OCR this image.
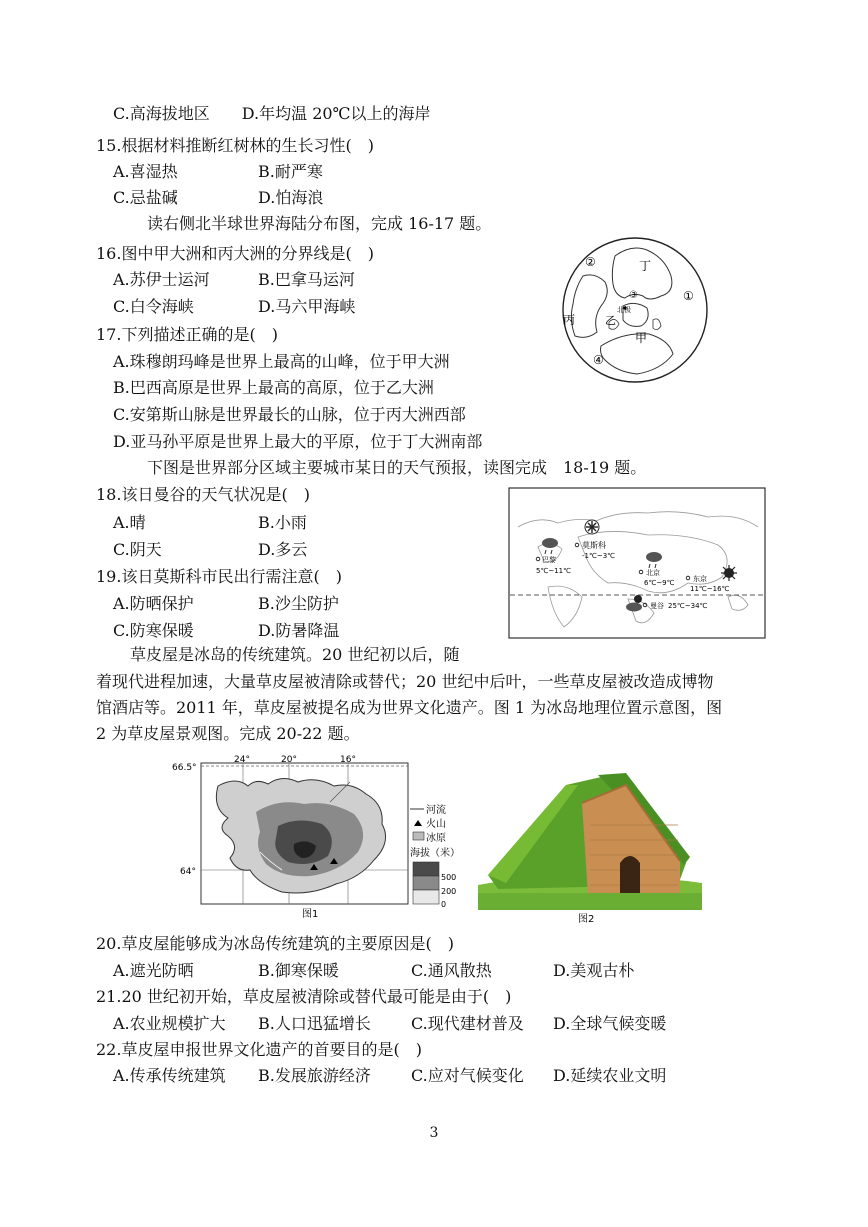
C.高海拔地区　　D.年均温 20℃以上的海岸
15.根据材料推断红树林的生长习性(　)
A.喜湿热	B.耐严寒
C.忌盐碱	D.怕海浪
读右侧北半球世界海陆分布图，完成 16-17 题。
16.图中甲大洲和丙大洲的分界线是(　)
A.苏伊士运河	B.巴拿马运河
C.白令海峡	D.马六甲海峡
17.下列描述正确的是(　)
A.珠穆朗玛峰是世界上最高的山峰，位于甲大洲
B.巴西高原是世界上最高的高原，位于乙大洲
C.安第斯山脉是世界最长的山脉，位于丙大洲西部
D.亚马孙平原是世界上最大的平原，位于丁大洲南部
下图是世界部分区域主要城市某日的天气预报，读图完成　18-19 题。
18.该日曼谷的天气状况是(　)
A.晴	B.小雨
C.阴天	D.多云
19.该日莫斯科市民出行需注意(　)
A.防晒保护	B.沙尘防护
C.防寒保暖	D.防暑降温
草皮屋是冰岛的传统建筑。20 世纪初以后，随
着现代进程加速，大量草皮屋被清除或替代；20 世纪中后叶，一些草皮屋被改造成博物
馆酒店等。2011 年，草皮屋被提名成为世界文化遗产。图 1 为冰岛地理位置示意图，图
2 为草皮屋景观图。完成 20-22 题。
20.草皮屋能够成为冰岛传统建筑的主要原因是(　)
A.遮光防晒	B.御寒保暖	C.通风散热	D.美观古朴
21.20 世纪初开始，草皮屋被清除或替代最可能是由于(　)
A.农业规模扩大 B.人口迅猛增长	C.现代建材普及 D.全球气候变暖
22.草皮屋申报世界文化遗产的首要目的是(　)
A.传承传统建筑 B.发展旅游经济	C.应对气候变化 D.延续农业文明
3
①
②
③
④
丁
乙
丙
甲
北极
莫斯科
-1℃~3℃
巴黎
5℃~11℃	北京
6℃~9℃	东京
11℃~16℃
曼谷 25℃~34℃
66.5°
64°
24°	20°	16°
河流
火山
冰原
海拔（米）
500
200
0
图1	图2
